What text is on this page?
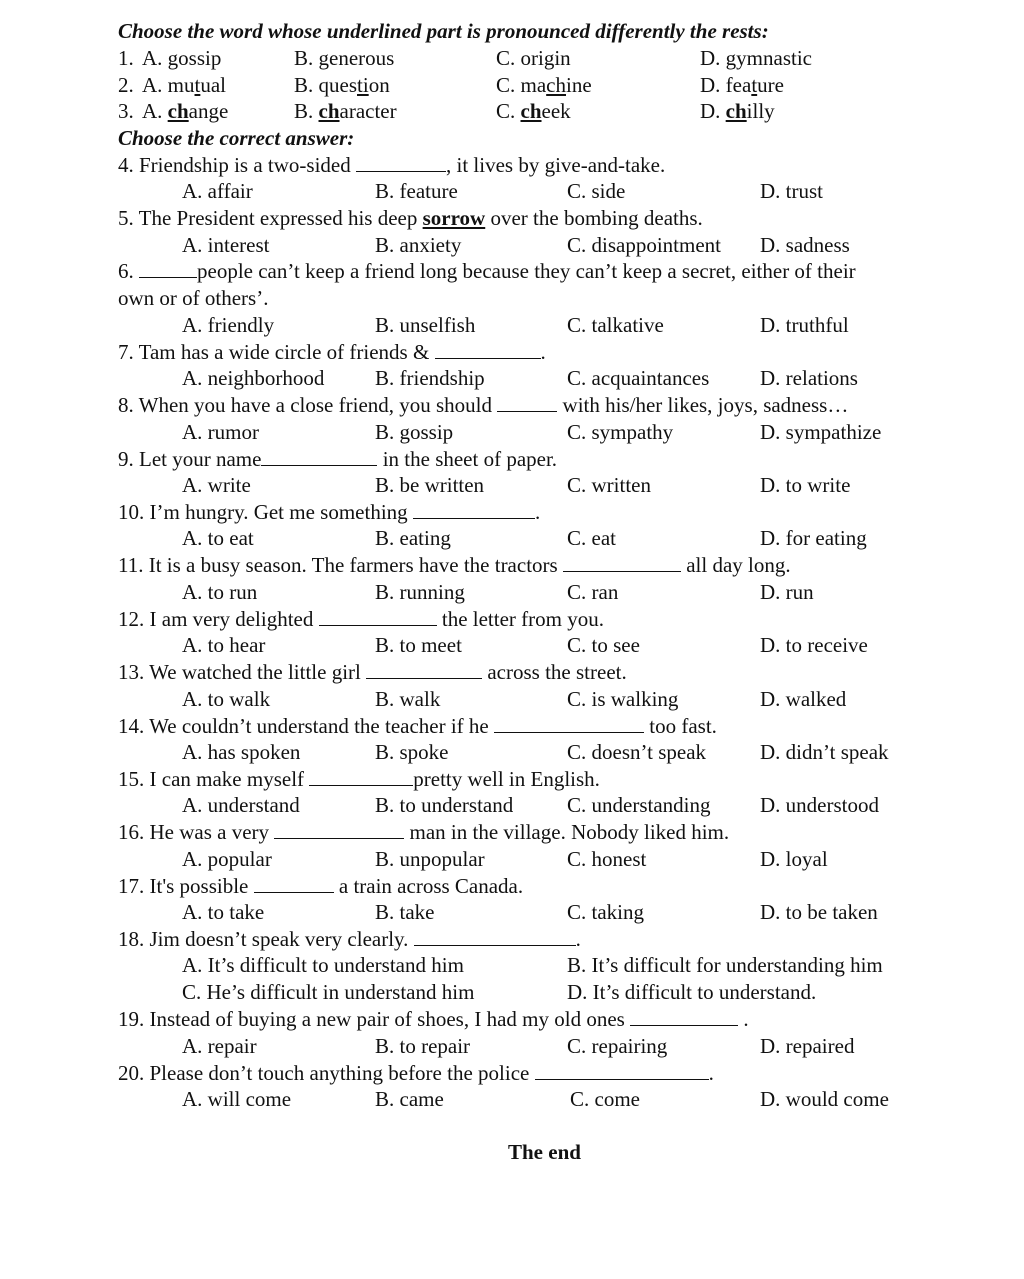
Choose the word whose underlined part is pronounced differently the rests:
1. A. gossip	B. generous	C. origin	D. gymnastic
2. A. mutual	B. question	C. machine	D. feature
3. A. change	B. character	C. cheek	D. chilly
Choose the correct answer:
4. Friendship is a two-sided	, it lives by give-and-take.
A. affair	B. feature	C. side	D. trust
5. The President expressed his deep sorrow over the bombing deaths.
A. interest	B. anxiety	C. disappointment D. sadness
6.	people can’t keep a friend long because they can’t keep a secret, either of their
own or of others’.
A. friendly	B. unselfish	C. talkative	D. truthful
7. Tam has a wide circle of friends &	.
A. neighborhood B. friendship	C. acquaintances D. relations
8. When you have a close friend, you should	with his/her likes, joys, sadness…
A. rumor	B. gossip	C. sympathy	D. sympathize
9. Let your name	in the sheet of paper.
A. write	B. be written	C. written	D. to write
10. I’m hungry. Get me something	.
A. to eat	B. eating	C. eat	D. for eating
11. It is a busy season. The farmers have the tractors	all day long.
A. to run	B. running	C. ran	D. run
12. I am very delighted	the letter from you.
A. to hear	B. to meet	C. to see	D. to receive
13. We watched the little girl	across the street.
A. to walk	B. walk	C. is walking	D. walked
14. We couldn’t understand the teacher if he	too fast.
A. has spoken	B. spoke	C. doesn’t speak	D. didn’t speak
15. I can make myself	pretty well in English.
A. understand	B. to understand	C. understanding D. understood
16. He was a very	man in the village. Nobody liked him.
A. popular	B. unpopular	C. honest	D. loyal
17. It's possible	a train across Canada.
A. to take	B. take	C. taking	D. to be taken
18. Jim doesn’t speak very clearly.	.
A. It’s difficult to understand him	B. It’s difficult for understanding him
C. He’s difficult in understand him	D. It’s difficult to understand.
19. Instead of buying a new pair of shoes, I had my old ones	.
A. repair	B. to repair	C. repairing	D. repaired
20. Please don’t touch anything before the police	.
A. will come	B. came	C. come	D. would come
The end
